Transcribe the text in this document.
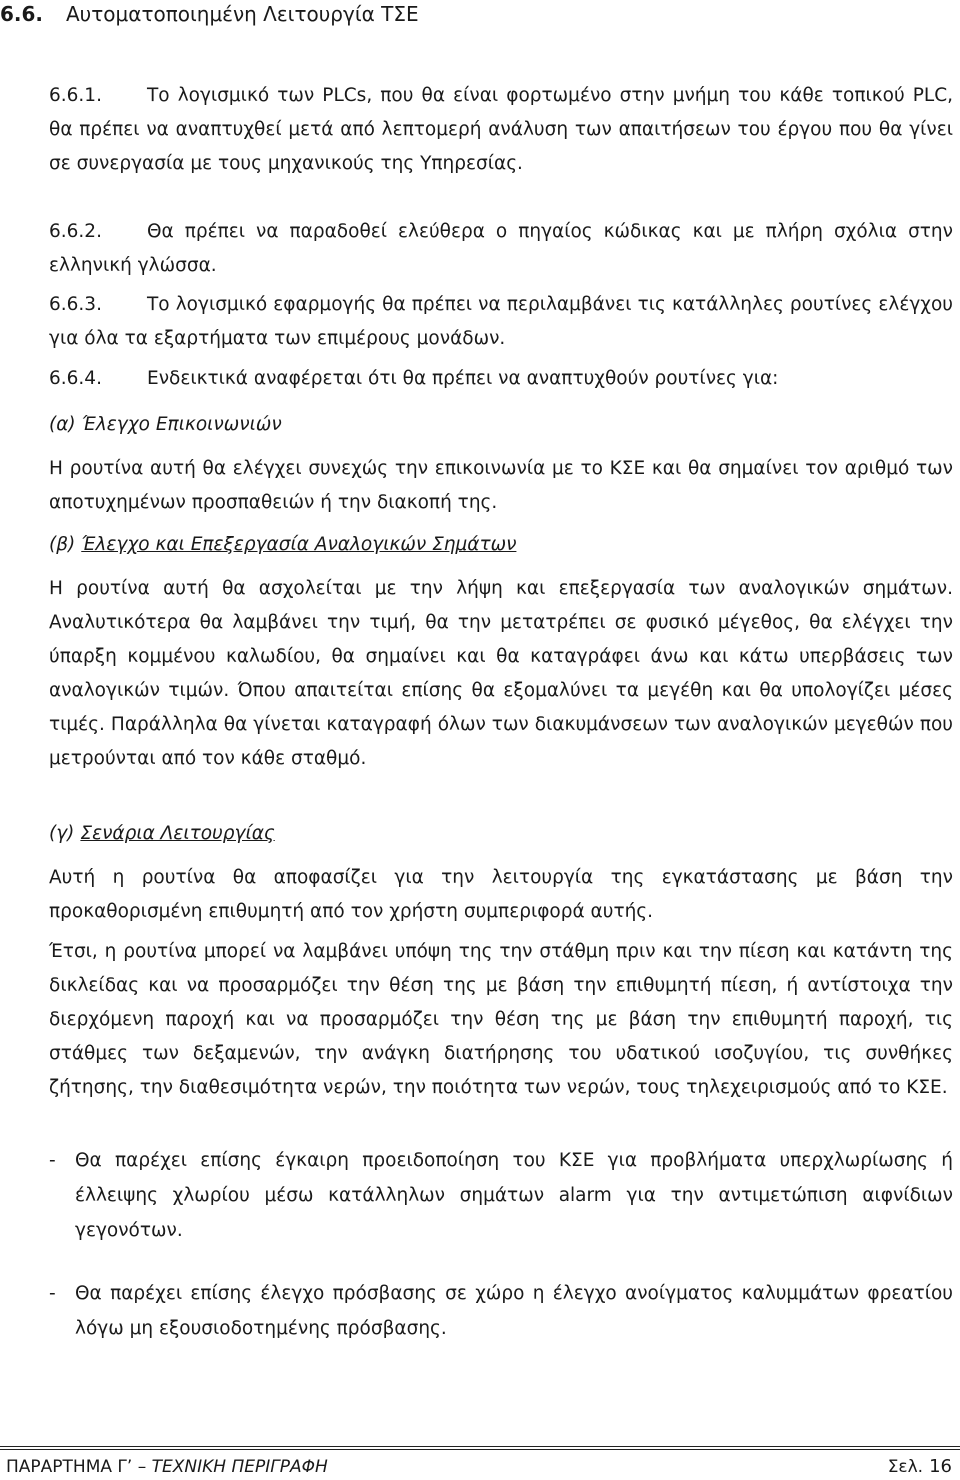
6.6. Αυτοματοποιημένη Λειτουργία ΤΣΕ

6.6.1. Το λογισμικό των PLCs, που θα είναι φορτωμένο στην μνήμη του κάθε τοπικού PLC, θα πρέπει να αναπτυχθεί μετά από λεπτομερή ανάλυση των απαιτήσεων του έργου που θα γίνει σε συνεργασία με τους μηχανικούς της Υπηρεσίας.

6.6.2. Θα πρέπει να παραδοθεί ελεύθερα ο πηγαίος κώδικας και με πλήρη σχόλια στην ελληνική γλώσσα.

6.6.3. Το λογισμικό εφαρμογής θα πρέπει να περιλαμβάνει τις κατάλληλες ρουτίνες ελέγχου για όλα τα εξαρτήματα των επιμέρους μονάδων.

6.6.4. Ενδεικτικά αναφέρεται ότι θα πρέπει να αναπτυχθούν ρουτίνες για:

(α) Έλεγχο Επικοινωνιών

Η ρουτίνα αυτή θα ελέγχει συνεχώς την επικοινωνία με το ΚΣΕ και θα σημαίνει τον αριθμό των αποτυχημένων προσπαθειών ή την διακοπή της.

(β) Έλεγχο και Επεξεργασία Αναλογικών Σημάτων

Η ρουτίνα αυτή θα ασχολείται με την λήψη και επεξεργασία των αναλογικών σημάτων. Αναλυτικότερα θα λαμβάνει την τιμή, θα την μετατρέπει σε φυσικό μέγεθος, θα ελέγχει την ύπαρξη κομμένου καλωδίου, θα σημαίνει και θα καταγράφει άνω και κάτω υπερβάσεις των αναλογικών τιμών. Όπου απαιτείται επίσης θα εξομαλύνει τα μεγέθη και θα υπολογίζει μέσες τιμές. Παράλληλα θα γίνεται καταγραφή όλων των διακυμάνσεων των αναλογικών μεγεθών που μετρούνται από τον κάθε σταθμό.

(γ) Σενάρια Λειτουργίας

Αυτή η ρουτίνα θα αποφασίζει για την λειτουργία της εγκατάστασης με βάση την προκαθορισμένη επιθυμητή από τον χρήστη συμπεριφορά αυτής.

Έτσι, η ρουτίνα μπορεί να λαμβάνει υπόψη της την στάθμη πριν και την πίεση και κατάντη της δικλείδας και να προσαρμόζει την θέση της με βάση την επιθυμητή πίεση, ή αντίστοιχα την διερχόμενη παροχή και να προσαρμόζει την θέση της με βάση την επιθυμητή παροχή, τις στάθμες των δεξαμενών, την ανάγκη διατήρησης του υδατικού ισοζυγίου, τις συνθήκες ζήτησης, την διαθεσιμότητα νερών, την ποιότητα των νερών, τους τηλεχειρισμούς από το ΚΣΕ.

- Θα παρέχει επίσης έγκαιρη προειδοποίηση του ΚΣΕ για προβλήματα υπερχλωρίωσης ή έλλειψης χλωρίου μέσω κατάλληλων σημάτων alarm για την αντιμετώπιση αιφνίδιων γεγονότων.
- Θα παρέχει επίσης έλεγχο πρόσβασης σε χώρο η έλεγχο ανοίγματος καλυμμάτων φρεατίου λόγω μη εξουσιοδοτημένης πρόσβασης.
ΠΑΡΑΡΤΗΜΑ Γ’ – ΤΕΧΝΙΚΗ ΠΕΡΙΓΡΑΦΗ	Σελ. 16
